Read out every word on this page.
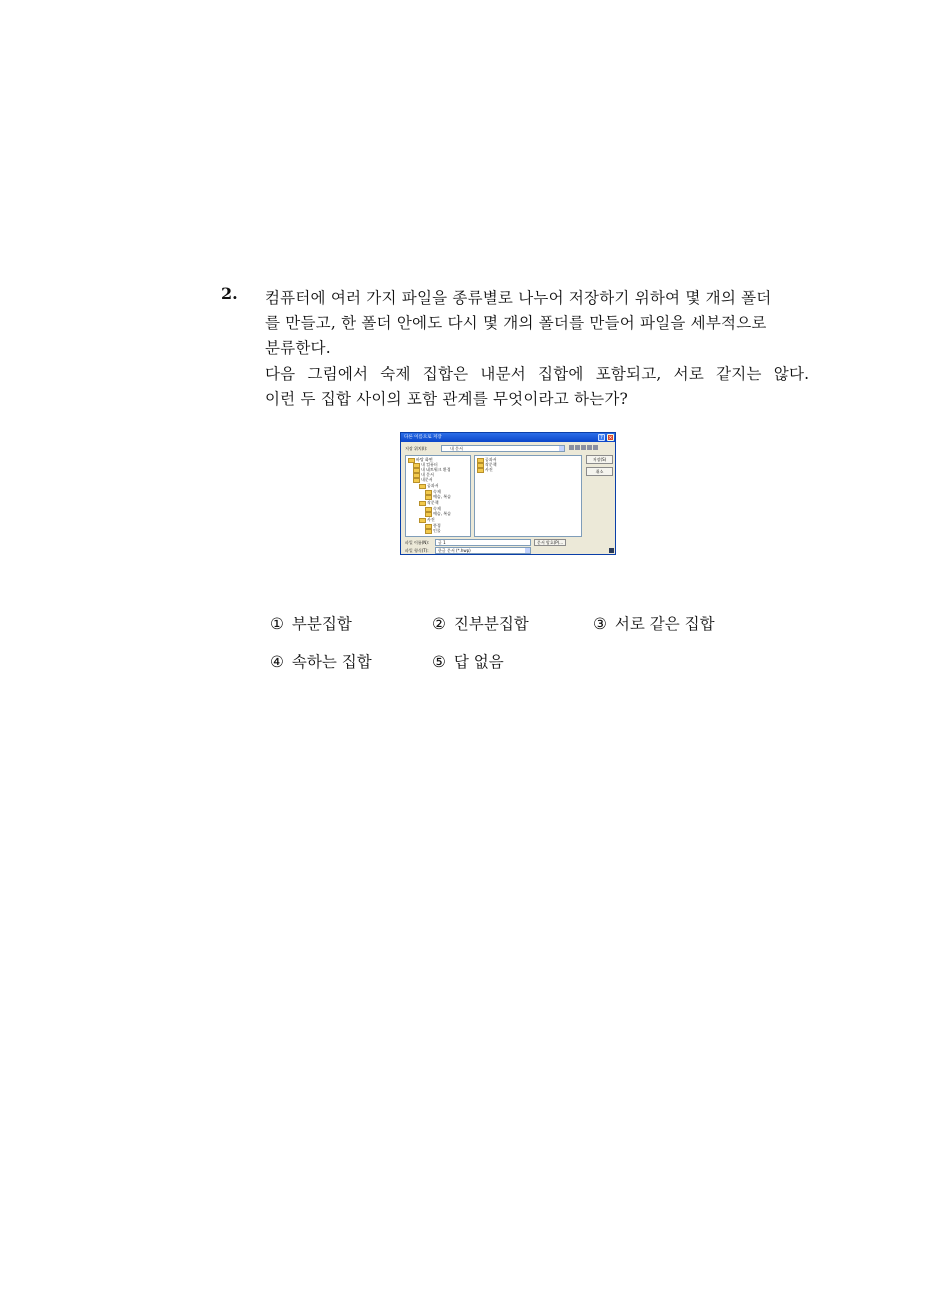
2. 컴퓨터에 여러 가지 파일을 종류별로 나누어 저장하기 위하여 몇 개의 폴더
를 만들고, 한 폴더 안에도 다시 몇 개의 폴더를 만들어 파일을 세부적으로
분류한다.
다음 그림에서 숙제 집합은 내문서 집합에 포함되고, 서로 같지는 않다.
이런 두 집합 사이의 포함 관계를 무엇이라고 하는가?
다른 이름으로 저장	?	×
저장 위치(I):	내 문서
바탕 화면
내 컴퓨터
내 네트워크 환경
내 문서
내문서
공과서
숙제
예습, 복습
작문책
숙제
예습, 복습
사진
풍경
인물
공과서
작문책
사진
저장(S)
취소
파일 이름(N):	글 1	문서 암호(P)...
파일 형식(T):	한글 문서 (*.hwp)
① 부분집합	② 진부분집합	③ 서로 같은 집합
④ 속하는 집합	⑤ 답 없음
